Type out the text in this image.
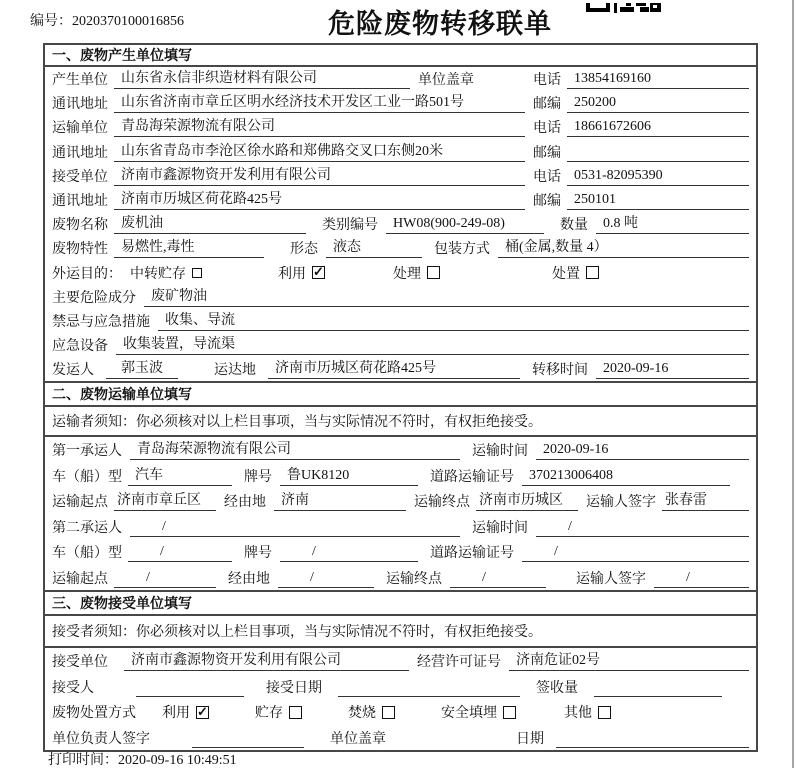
编号：2020370100016856	危险废物转移联单
一、废物产生单位填写
产生单位 山东省永信非织造材料有限公司	单位盖章	电话 13854169160
通讯地址 山东省济南市章丘区明水经济技术开发区工业一路501号	邮编 250200
运输单位 青岛海荣源物流有限公司	电话 18661672606
通讯地址 山东省青岛市李沧区徐水路和郑佛路交叉口东侧20米	邮编
接受单位 济南市鑫源物资开发利用有限公司	电话 0531-82095390
通讯地址 济南市历城区荷花路425号	邮编 250101
废物名称 废机油	类别编号	HW08(900-249-08)	数量	0.8 吨
废物特性 易燃性,毒性	形态	液态	包装方式	桶(金属,数量 4）
外运目的： 中转贮存	利用 ✓	处理	处置
主要危险成分	废矿物油
禁忌与应急措施	收集、导流
应急设备	收集装置，导流渠
发运人	郭玉波	运达地	济南市历城区荷花路425号	转移时间	2020-09-16
二、废物运输单位填写
运输者须知： 你必须核对以上栏目事项，当与实际情况不符时，有权拒绝接受。
第一承运人	青岛海荣源物流有限公司	运输时间	2020-09-16
车（船）型 汽车	牌号	鲁UK8120	道路运输证号	370213006408
运输起点 济南市章丘区	经由地	济南	运输终点 济南市历城区	运输人签字 张春雷
第二承运人	/	运输时间	/
车（船）型	/	牌号	/	道路运输证号	/
运输起点	/	经由地	/	运输终点	/	运输人签字	/
三、废物接受单位填写
接受者须知： 你必须核对以上栏目事项，当与实际情况不符时，有权拒绝接受。
接受单位	济南市鑫源物资开发利用有限公司	经营许可证号	济南危证02号
接受人	接受日期	签收量
废物处置方式 利用 ✓	贮存	焚烧	安全填埋	其他
单位负责人签字	单位盖章	日期
打印时间：2020-09-16 10:49:51
